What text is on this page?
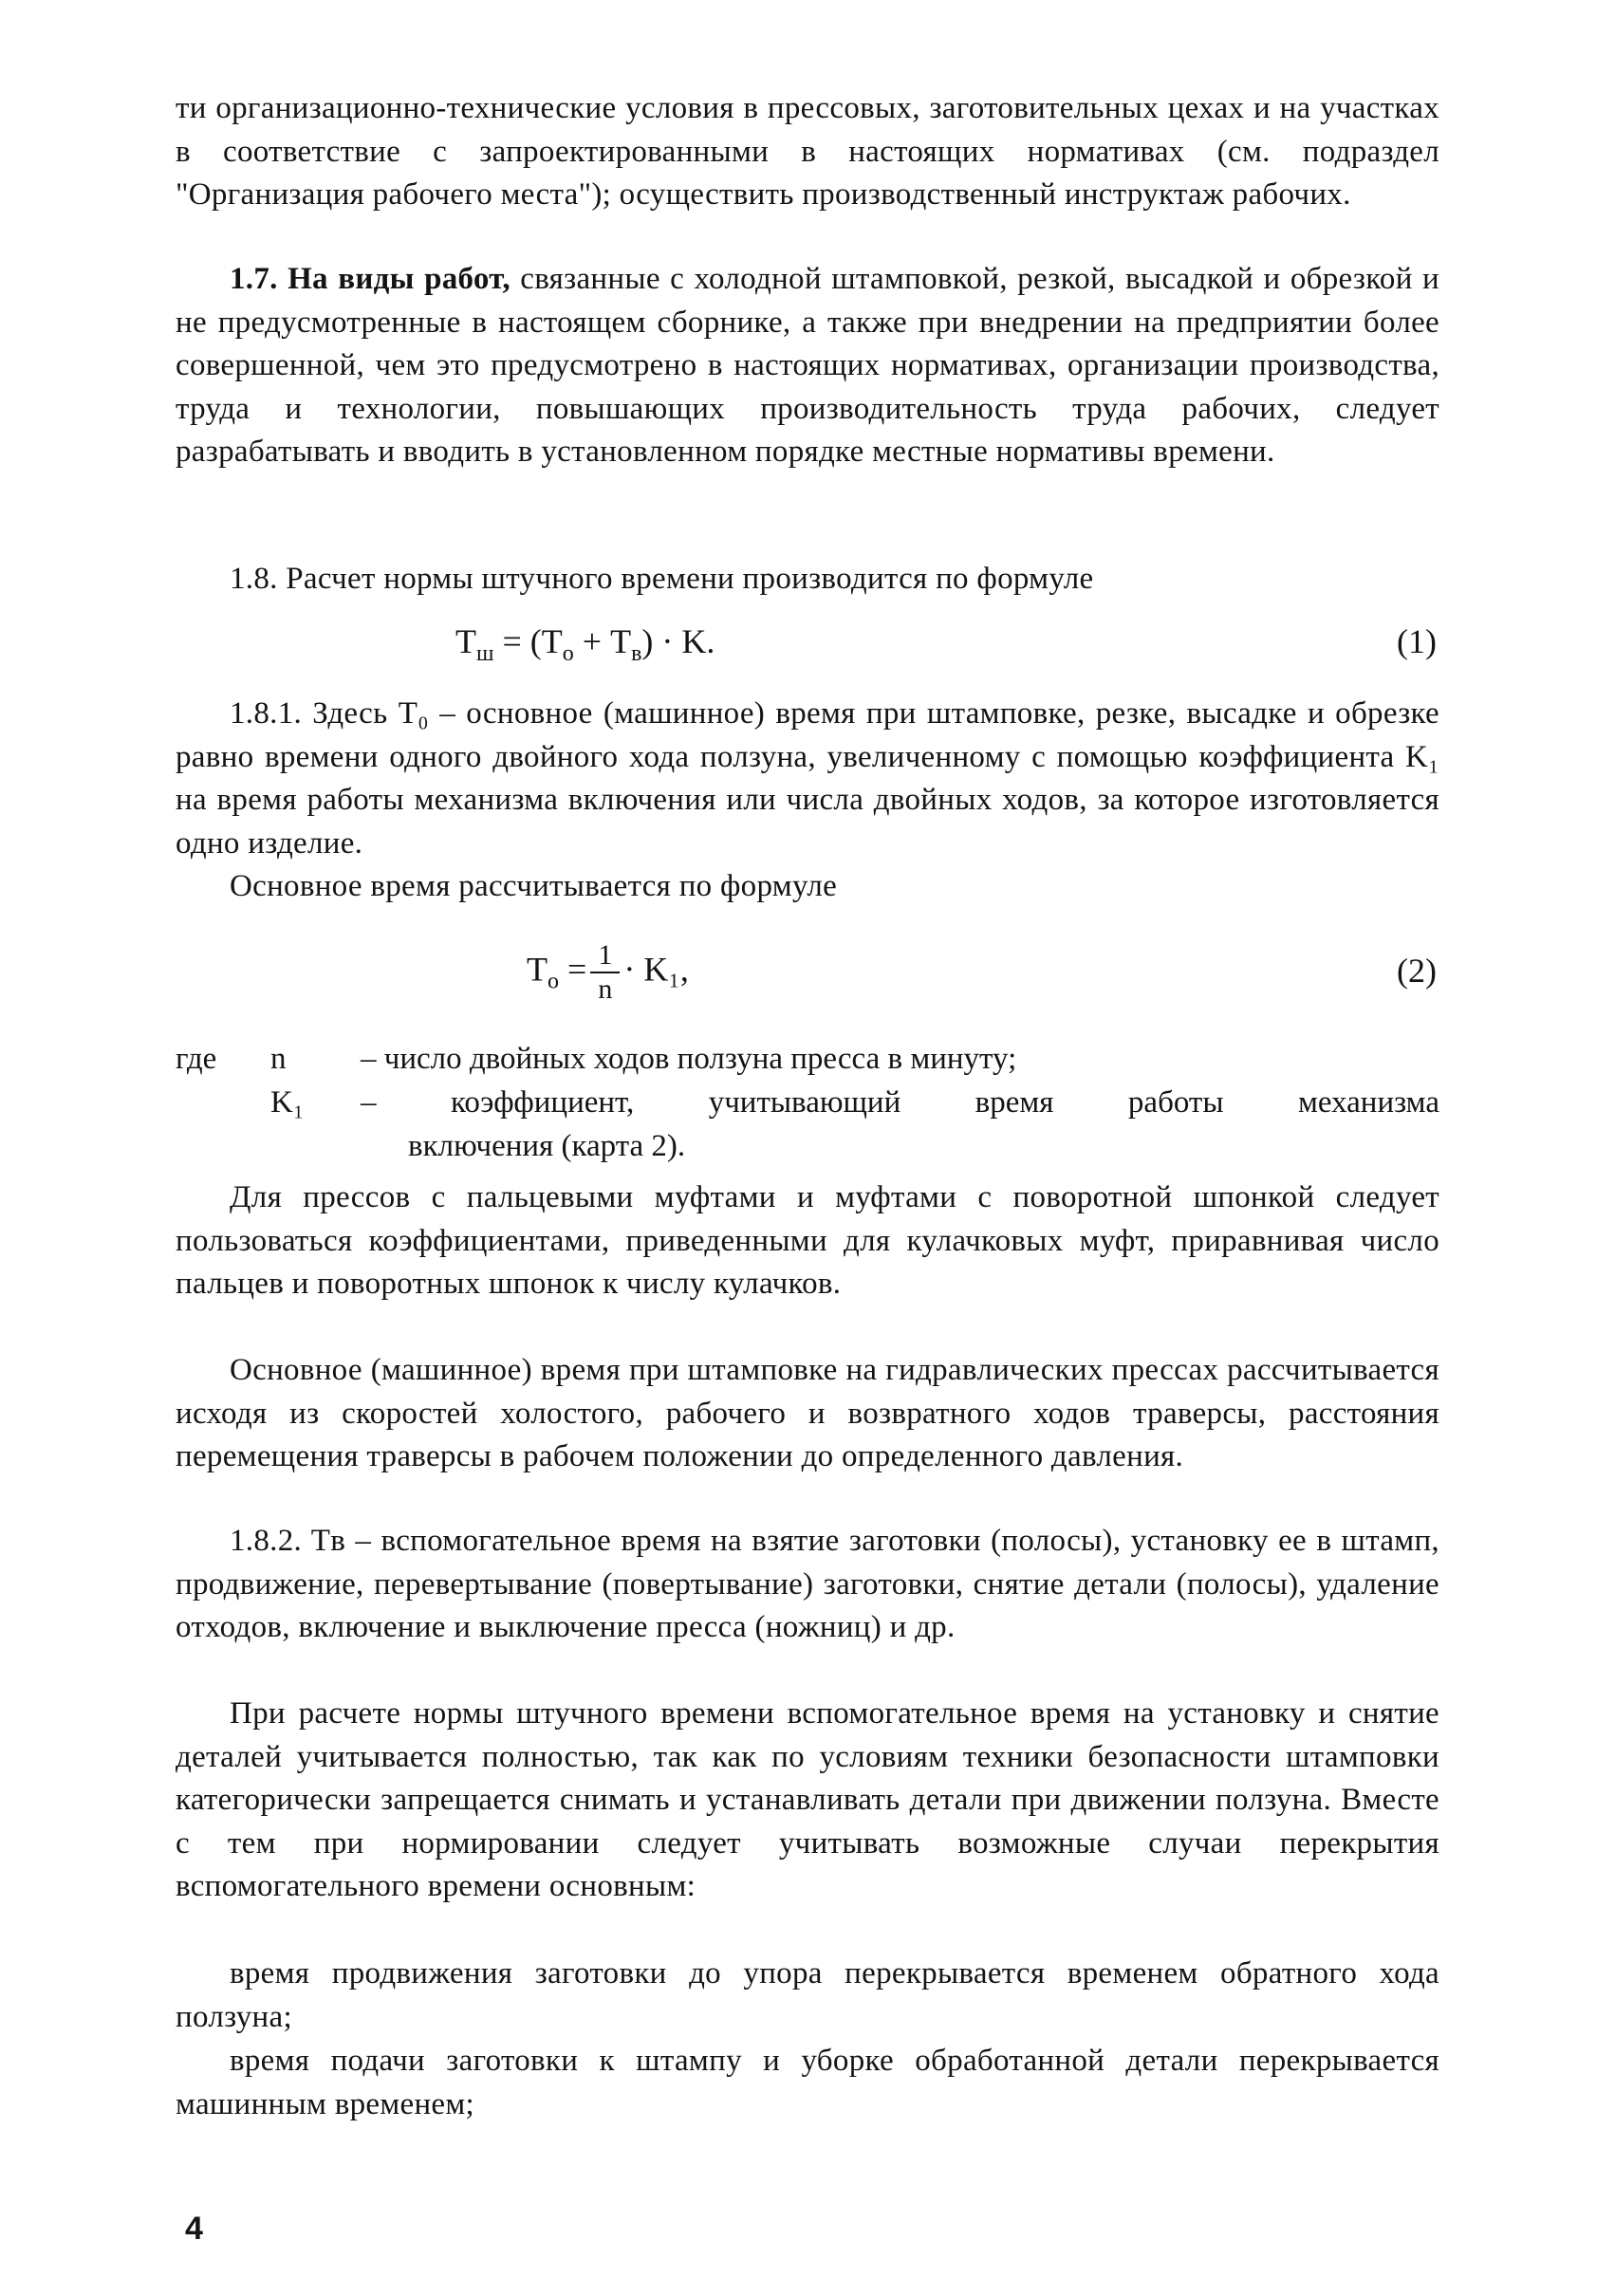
ти организационно-технические условия в прессовых, заготовительных цехах и на участках в соответствие с запроектированными в настоящих нормативах (см. подраздел "Организация рабочего места"); осуществить производственный инструктаж рабочих.
1.7. На виды работ, связанные с холодной штамповкой, резкой, высадкой и обрезкой и не предусмотренные в настоящем сборнике, а также при внедрении на предприятии более совершенной, чем это предусмотрено в настоящих нормативах, организации производства, труда и технологии, повышающих производительность труда рабочих, следует разрабатывать и вводить в установленном порядке местные нормативы времени.
1.8. Расчет нормы штучного времени производится по формуле
$T_ш = (T_о + T_в) \cdot K$.	(1)
1.8.1. Здесь T₀ – основное (машинное) время при штамповке, резке, высадке и обрезке равно времени одного двойного хода ползуна, увеличенному с помощью коэффициента K₁ на время работы механизма включения или числа двойных ходов, за которое изготовляется одно изделие.
Основное время рассчитывается по формуле
$T_о = \frac{1}{n} \cdot K_1$,	(2)
где n – число двойных ходов ползуна пресса в минуту;
K₁ – коэффициент, учитывающий время работы механизма
включения (карта 2).
Для прессов с пальцевыми муфтами и муфтами с поворотной шпонкой следует пользоваться коэффициентами, приведенными для кулачковых муфт, приравнивая число пальцев и поворотных шпонок к числу кулачков.
Основное (машинное) время при штамповке на гидравлических прессах рассчитывается исходя из скоростей холостого, рабочего и возвратного ходов траверсы, расстояния перемещения траверсы в рабочем положении до определенного давления.
1.8.2. Tв – вспомогательное время на взятие заготовки (полосы), установку ее в штамп, продвижение, перевертывание (повертывание) заготовки, снятие детали (полосы), удаление отходов, включение и выключение пресса (ножниц) и др.
При расчете нормы штучного времени вспомогательное время на установку и снятие деталей учитывается полностью, так как по условиям техники безопасности штамповки категорически запрещается снимать и устанавливать детали при движении ползуна. Вместе с тем при нормировании следует учитывать возможные случаи перекрытия вспомогательного времени основным:
время продвижения заготовки до упора перекрывается временем обратного хода ползуна;
время подачи заготовки к штампу и уборке обработанной детали перекрывается машинным временем;
4
